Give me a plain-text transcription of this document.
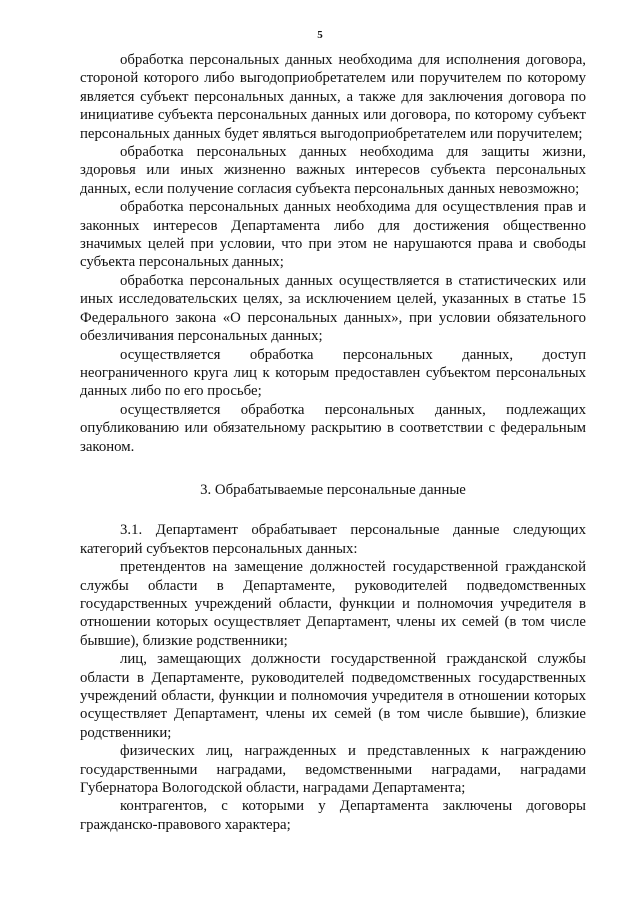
5

обработка персональных данных необходима для исполнения договора, стороной которого либо выгодоприобретателем или поручителем по которому является субъект персональных данных, а также для заключения договора по инициативе субъекта персональных данных или договора, по которому субъект персональных данных будет являться выгодоприобретателем или поручителем;

обработка персональных данных необходима для защиты жизни, здоровья или иных жизненно важных интересов субъекта персональных данных, если получение согласия субъекта персональных данных невозможно;

обработка персональных данных необходима для осуществления прав и законных интересов Департамента либо для достижения общественно значимых целей при условии, что при этом не нарушаются права и свободы субъекта персональных данных;

обработка персональных данных осуществляется в статистических или иных исследовательских целях, за исключением целей, указанных в статье 15 Федерального закона «О персональных данных», при условии обязательного обезличивания персональных данных;

осуществляется обработка персональных данных, доступ неограниченного круга лиц к которым предоставлен субъектом персональных данных либо по его просьбе;

осуществляется обработка персональных данных, подлежащих опубликованию или обязательному раскрытию в соответствии с федеральным законом.

3. Обрабатываемые персональные данные

3.1. Департамент обрабатывает персональные данные следующих категорий субъектов персональных данных:

претендентов на замещение должностей государственной гражданской службы области в Департаменте, руководителей подведомственных государственных учреждений области, функции и полномочия учредителя в отношении которых осуществляет Департамент, члены их семей (в том числе бывшие), близкие родственники;

лиц, замещающих должности государственной гражданской службы области в Департаменте, руководителей подведомственных государственных учреждений области, функции и полномочия учредителя в отношении которых осуществляет Департамент, члены их семей (в том числе бывшие), близкие родственники;

физических лиц, награжденных и представленных к награждению государственными наградами, ведомственными наградами, наградами Губернатора Вологодской области, наградами Департамента;

контрагентов, с которыми у Департамента заключены договоры гражданско-правового характера;
